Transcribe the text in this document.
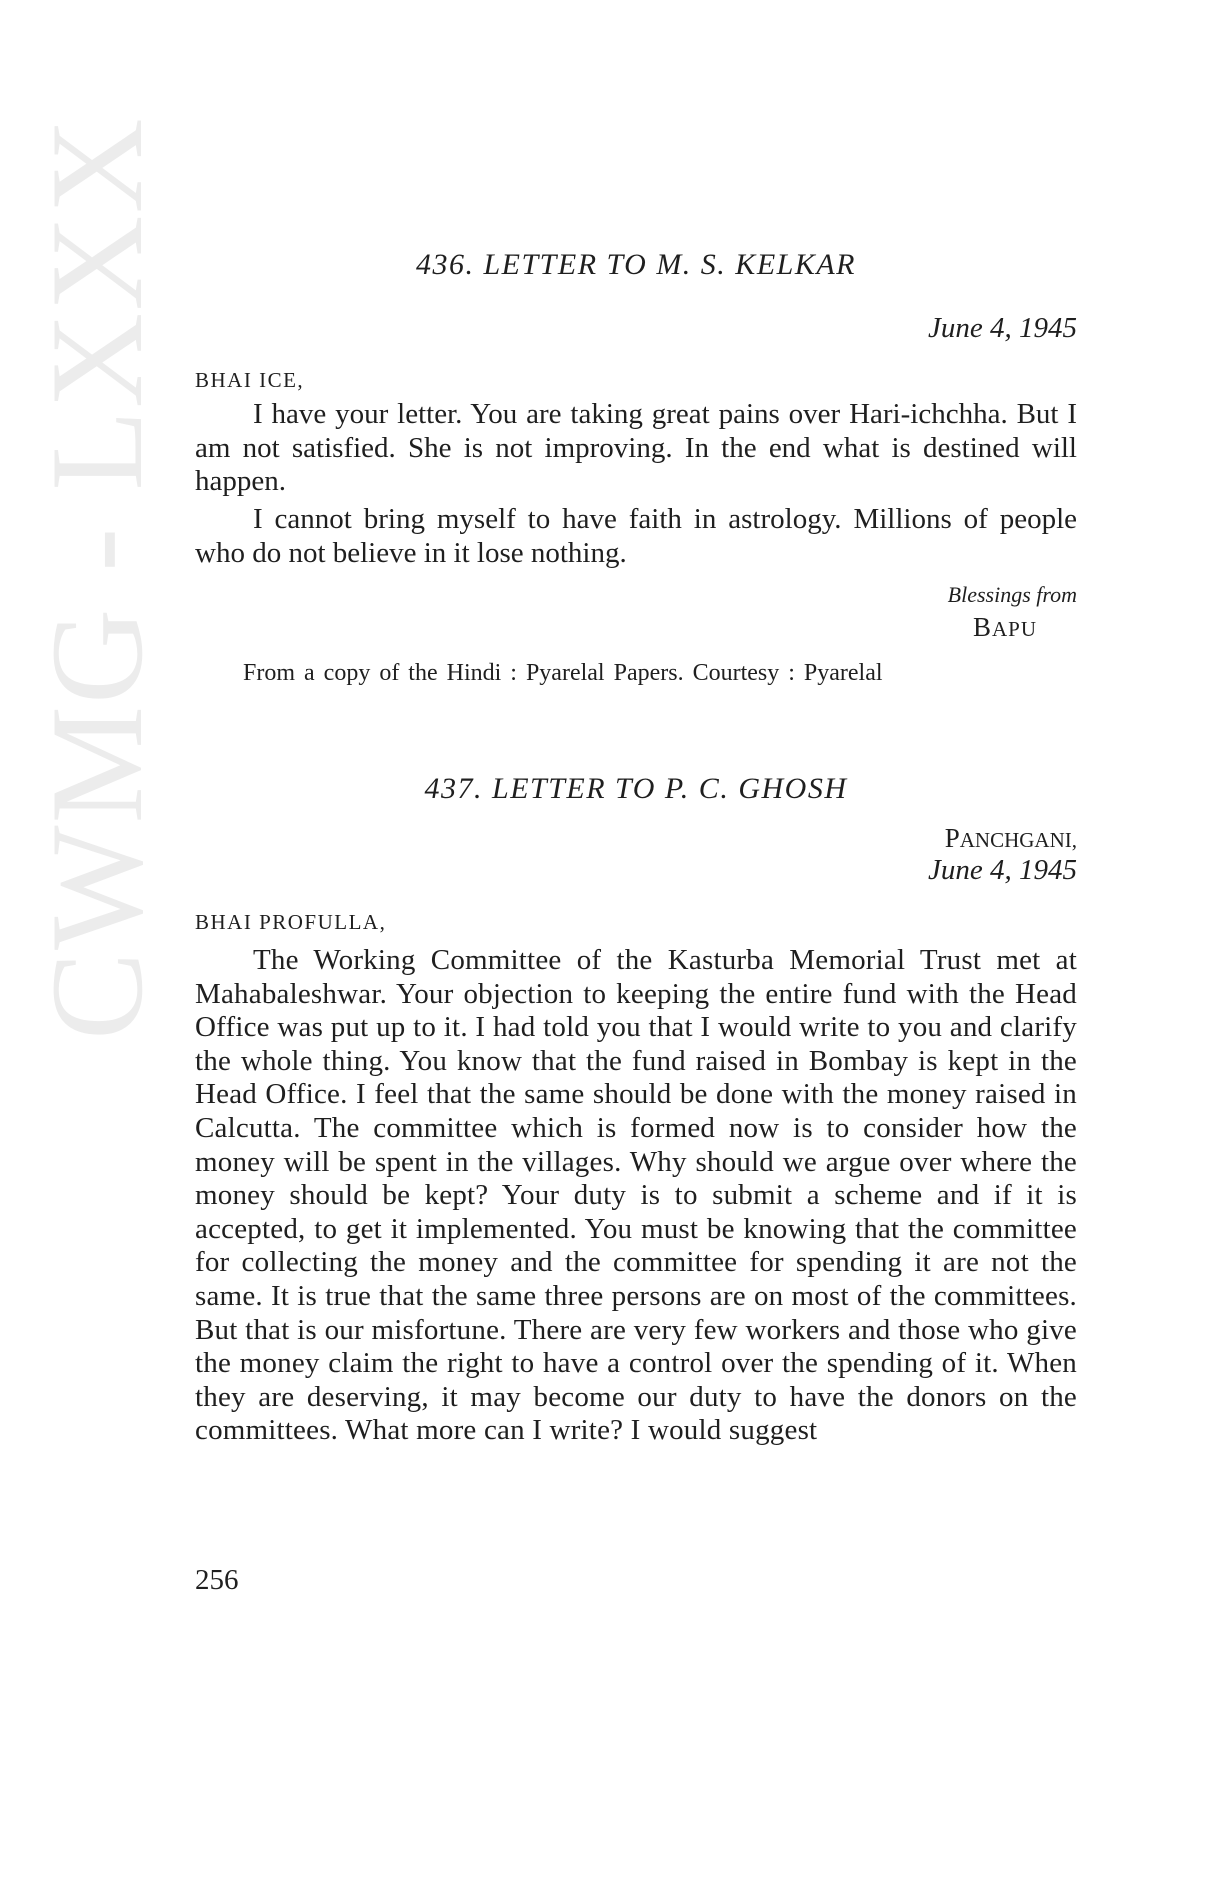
CWMG - LXXX	436. LETTER TO M. S. KELKAR
June 4, 1945
BHAI ICE,

I have your letter. You are taking great pains over Hari-ichchha. But I am not satisfied. She is not improving. In the end what is destined will happen.

I cannot bring myself to have faith in astrology. Millions of people who do not believe in it lose nothing.

Blessings from
BAPU
From a copy of the Hindi : Pyarelal Papers. Courtesy : Pyarelal
437. LETTER TO P. C. GHOSH
PANCHGANI,
June 4, 1945
BHAI PROFULLA,

The Working Committee of the Kasturba Memorial Trust met at Mahabaleshwar. Your objection to keeping the entire fund with the Head Office was put up to it. I had told you that I would write to you and clarify the whole thing. You know that the fund raised in Bombay is kept in the Head Office. I feel that the same should be done with the money raised in Calcutta. The committee which is formed now is to consider how the money will be spent in the villages. Why should we argue over where the money should be kept? Your duty is to submit a scheme and if it is accepted, to get it implemented. You must be knowing that the committee for collecting the money and the committee for spending it are not the same. It is true that the same three persons are on most of the committees. But that is our misfortune. There are very few workers and those who give the money claim the right to have a control over the spending of it. When they are deserving, it may become our duty to have the donors on the committees. What more can I write? I would suggest

256
